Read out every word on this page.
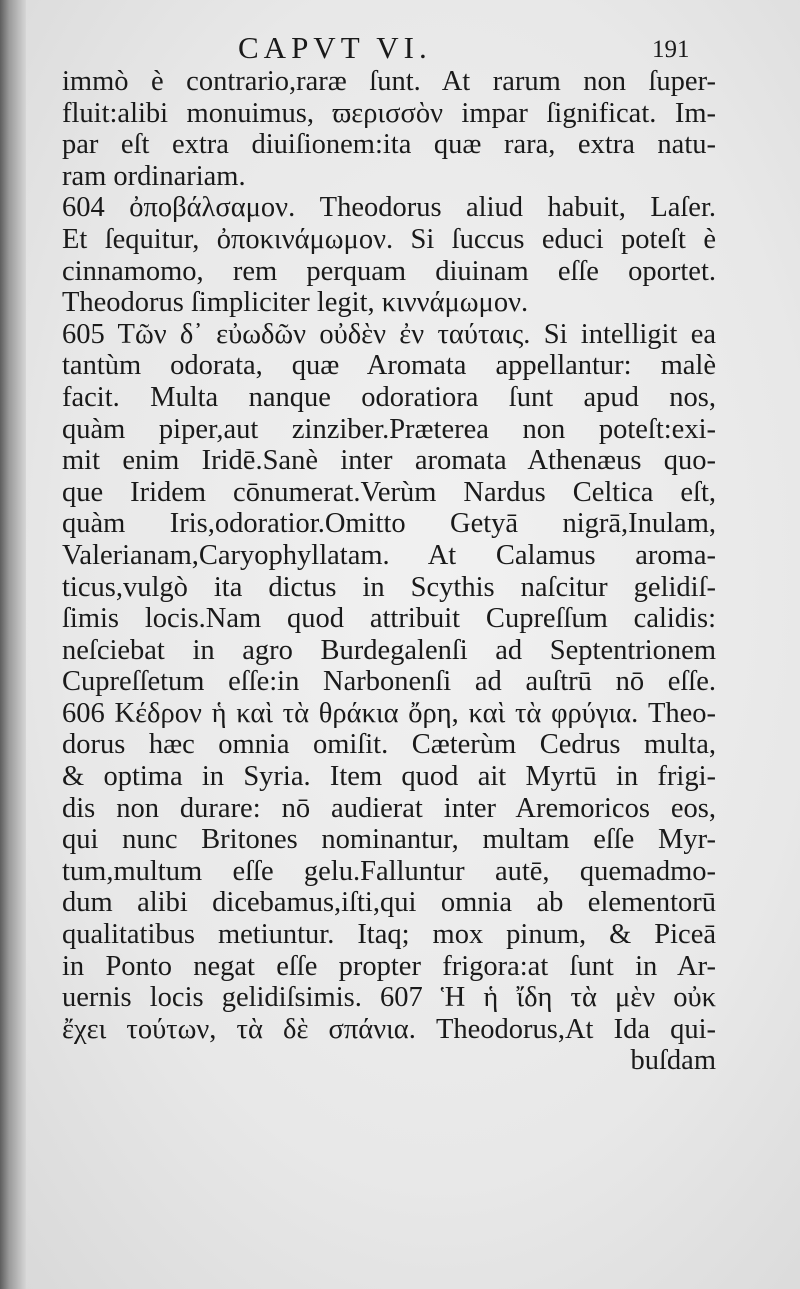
CAPVT VI.	191
immò è contrario,raræ ſunt. At rarum non ſuper-
fluit:alibi monuimus, ϖερισσὸν impar ſignificat. Im-
par eſt extra diuiſionem:ita quæ rara, extra natu-
ram ordinariam.
604 ὀποβάλσαμον. Theodorus aliud habuit, Laſer.
Et ſequitur, ὀποκινάμωμον. Si ſuccus educi poteſt è
cinnamomo, rem perquam diuinam eſſe oportet.
Theodorus ſimpliciter legit, κιννάμωμον.
605 Τῶν δ᾽ εὐωδῶν οὐδὲν ἐν ταύταις. Si intelligit ea
tantùm odorata, quæ Aromata appellantur: malè
facit. Multa nanque odoratiora ſunt apud nos,
quàm piper,aut zinziber.Præterea non poteſt:exi-
mit enim Iridē.Sanè inter aromata Athenæus quo-
que Iridem cōnumerat.Verùm Nardus Celtica eſt,
quàm Iris,odoratior.Omitto Getyā nigrā,Inulam,
Valerianam,Caryophyllatam. At Calamus aroma-
ticus,vulgò ita dictus in Scythis naſcitur gelidiſ-
ſimis locis.Nam quod attribuit Cupreſſum calidis:
neſciebat in agro Burdegalenſi ad Septentrionem
Cupreſſetum eſſe:in Narbonenſi ad auſtrū nō eſſe.
606 Κέδρον ἡ καὶ τὰ θράκια ὄρη, καὶ τὰ φρύγια. Theo-
dorus hæc omnia omiſit. Cæterùm Cedrus multa,
& optima in Syria. Item quod ait Myrtū in frigi-
dis non durare: nō audierat inter Aremoricos eos,
qui nunc Britones nominantur, multam eſſe Myr-
tum,multum eſſe gelu.Falluntur autē, quemadmo-
dum alibi dicebamus,iſti,qui omnia ab elementorū
qualitatibus metiuntur. Itaq; mox pinum, & Piceā
in Ponto negat eſſe propter frigora:at ſunt in Ar-
uernis locis gelidiſsimis. 607 Ἡ ἡ ἴδη τὰ μὲν οὐκ
ἔχει τούτων, τὰ δὲ σπάνια. Theodorus,At Ida qui-
buſdam
